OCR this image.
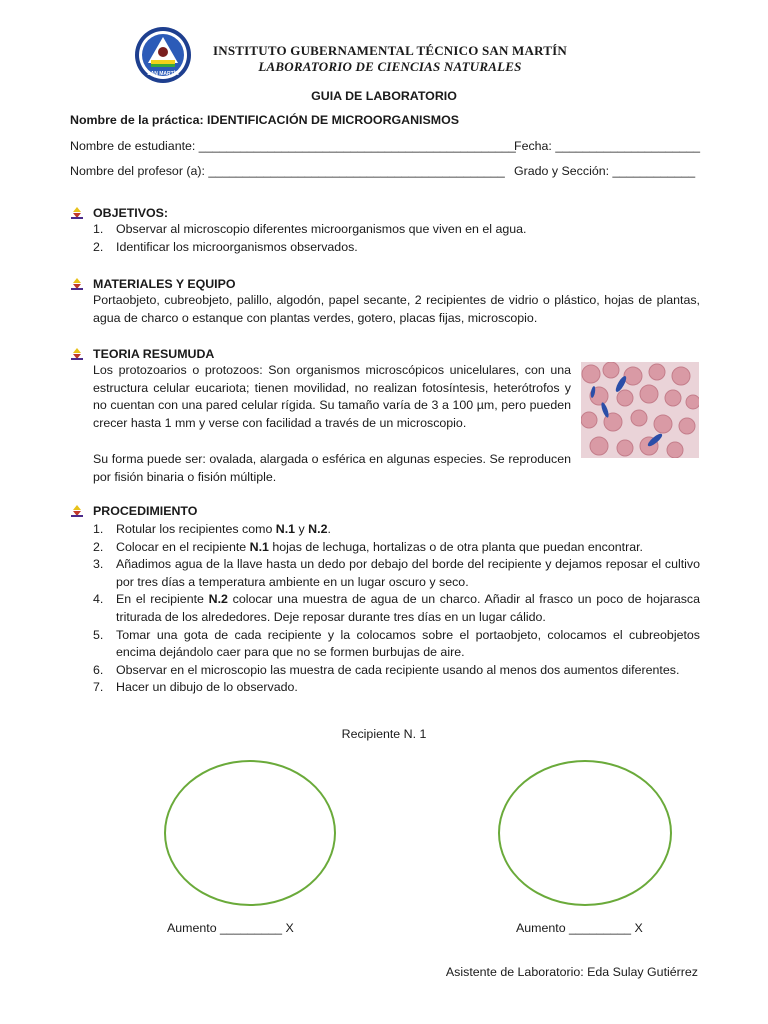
SAN MARTÍN
INSTITUTO GUBERNAMENTAL TÉCNICO SAN MARTÍN
LABORATORIO DE CIENCIAS NATURALES
GUIA DE LABORATORIO
Nombre de la práctica: IDENTIFICACIÓN DE MICROORGANISMOS
Nombre de estudiante: ______________________________________________
Fecha: _____________________
Nombre del profesor (a): ___________________________________________ Grado y Sección: ____________
OBJETIVOS:
1. Observar al microscopio diferentes microorganismos que viven en el agua.
2. Identificar los microorganismos observados.
MATERIALES Y EQUIPO
Portaobjeto, cubreobjeto, palillo, algodón, papel secante, 2 recipientes de vidrio o plástico, hojas de plantas, agua de charco o estanque con plantas verdes, gotero, placas fijas, microscopio.
TEORIA RESUMUDA
Los protozoarios o protozoos: Son organismos microscópicos unicelulares, con una estructura celular eucariota; tienen movilidad, no realizan fotosíntesis, heterótrofos y no cuentan con una pared celular rígida. Su tamaño varía de 3 a 100 µm, pero pueden crecer hasta 1 mm y verse con facilidad a través de un microscopio.
Su forma puede ser: ovalada, alargada o esférica en algunas especies. Se reproducen por fisión binaria o fisión múltiple.
PROCEDIMIENTO
1. Rotular los recipientes como N.1 y N.2.
2. Colocar en el recipiente N.1 hojas de lechuga, hortalizas o de otra planta que puedan encontrar.
3. Añadimos agua de la llave hasta un dedo por debajo del borde del recipiente y dejamos reposar el cultivo por tres días a temperatura ambiente en un lugar oscuro y seco.
4. En el recipiente N.2 colocar una muestra de agua de un charco. Añadir al frasco un poco de hojarasca triturada de los alrededores. Deje reposar durante tres días en un lugar cálido.
5. Tomar una gota de cada recipiente y la colocamos sobre el portaobjeto, colocamos el cubreobjetos encima dejándolo caer para que no se formen burbujas de aire.
6. Observar en el microscopio las muestra de cada recipiente usando al menos dos aumentos diferentes.
7. Hacer un dibujo de lo observado.
Recipiente N. 1
Aumento _________ X	Aumento _________ X
Asistente de Laboratorio: Eda Sulay Gutiérrez
